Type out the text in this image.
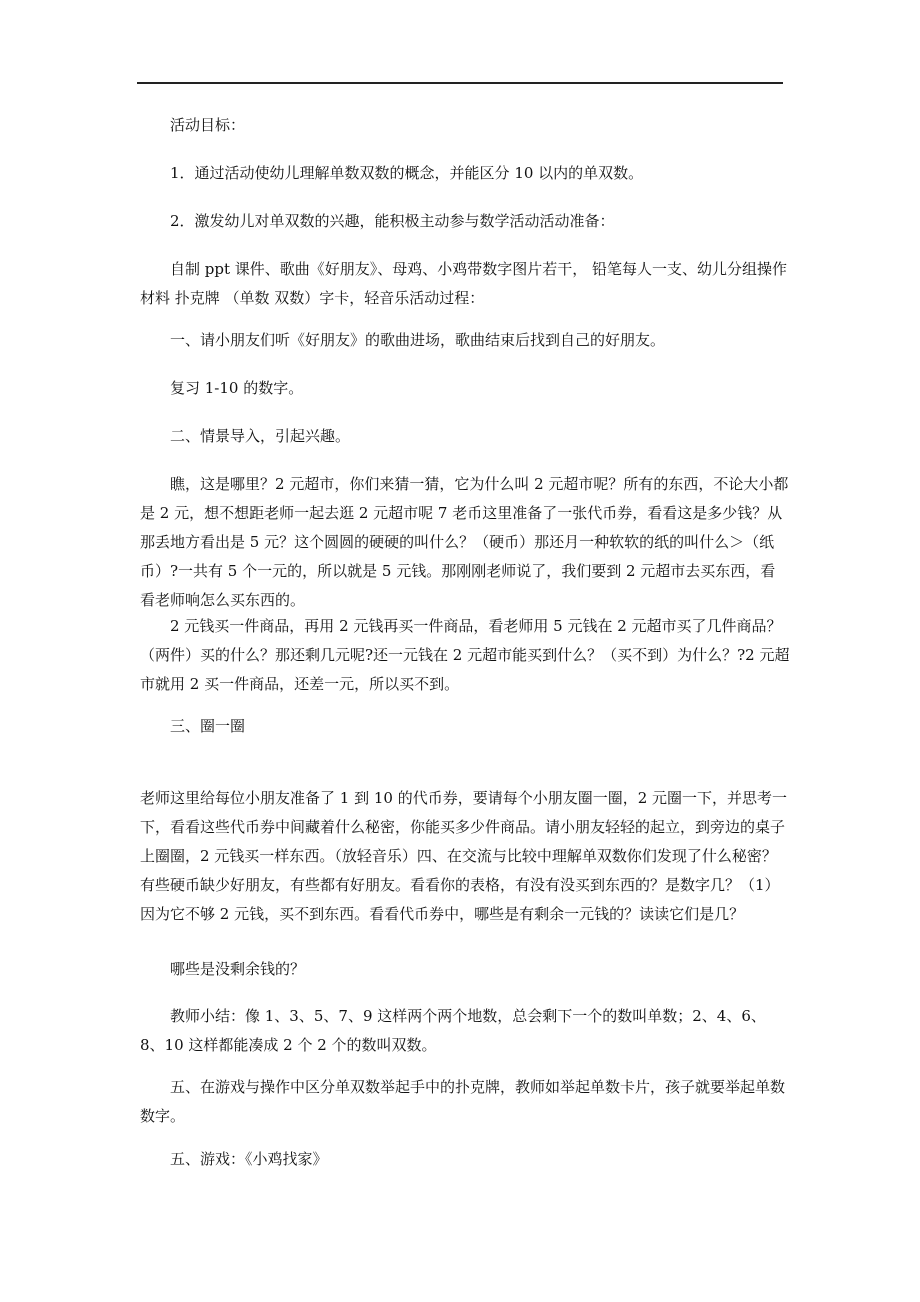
活动目标：

1．通过活动使幼儿理解单数双数的概念，并能区分 10 以内的单双数。

2．激发幼儿对单双数的兴趣，能积极主动参与数学活动活动准备：

自制 ppt 课件、歌曲《好朋友》、母鸡、小鸡带数字图片若干， 铅笔每人一支、幼儿分组操作材料 扑克牌 （单数 双数）字卡，轻音乐活动过程：

一、请小朋友们听《好朋友》的歌曲进场，歌曲结束后找到自己的好朋友。

复习 1-10 的数字。

二、情景导入，引起兴趣。

瞧，这是哪里？2 元超市，你们来猜一猜，它为什么叫 2 元超市呢？所有的东西，不论大小都是 2 元，想不想距老师一起去逛 2 元超市呢 7 老币这里准备了一张代币券，看看这是多少钱？从那丢地方看出是 5 元？这个圆圆的硬硬的叫什么？（硬币）那还月一种软软的纸的叫什么＞（纸币）?一共有 5 个一元的，所以就是 5 元钱。那刚刚老师说了，我们要到 2 元超市去买东西，看看老师响怎么买东西的。

2 元钱买一件商品，再用 2 元钱再买一件商品，看老师用 5 元钱在 2 元超市买了几件商品？（两件）买的什么？那还剩几元呢?还一元钱在 2 元超市能买到什么？（买不到）为什么？?2 元超市就用 2 买一件商品，还差一元，所以买不到。

三、圈一圈

老师这里给每位小朋友准备了 1 到 10 的代币券，要请每个小朋友圈一圈，2 元圈一下，并思考一下，看看这些代币券中间藏着什么秘密，你能买多少件商品。请小朋友轻轻的起立，到旁边的桌子上圈圈，2 元钱买一样东西。（放轻音乐）四、在交流与比较中理解单双数你们发现了什么秘密？有些硬币缺少好朋友，有些都有好朋友。看看你的表格，有没有没买到东西的？是数字几？（1）因为它不够 2 元钱，买不到东西。看看代币券中，哪些是有剩余一元钱的？读读它们是几？

哪些是没剩余钱的？

教师小结：像 1、3、5、7、9 这样两个两个地数，总会剩下一个的数叫单数；2、4、6、8、10 这样都能凑成 2 个 2 个的数叫双数。

五、在游戏与操作中区分单双数举起手中的扑克牌，教师如举起单数卡片，孩子就要举起单数数字。

五、游戏：《小鸡找家》
